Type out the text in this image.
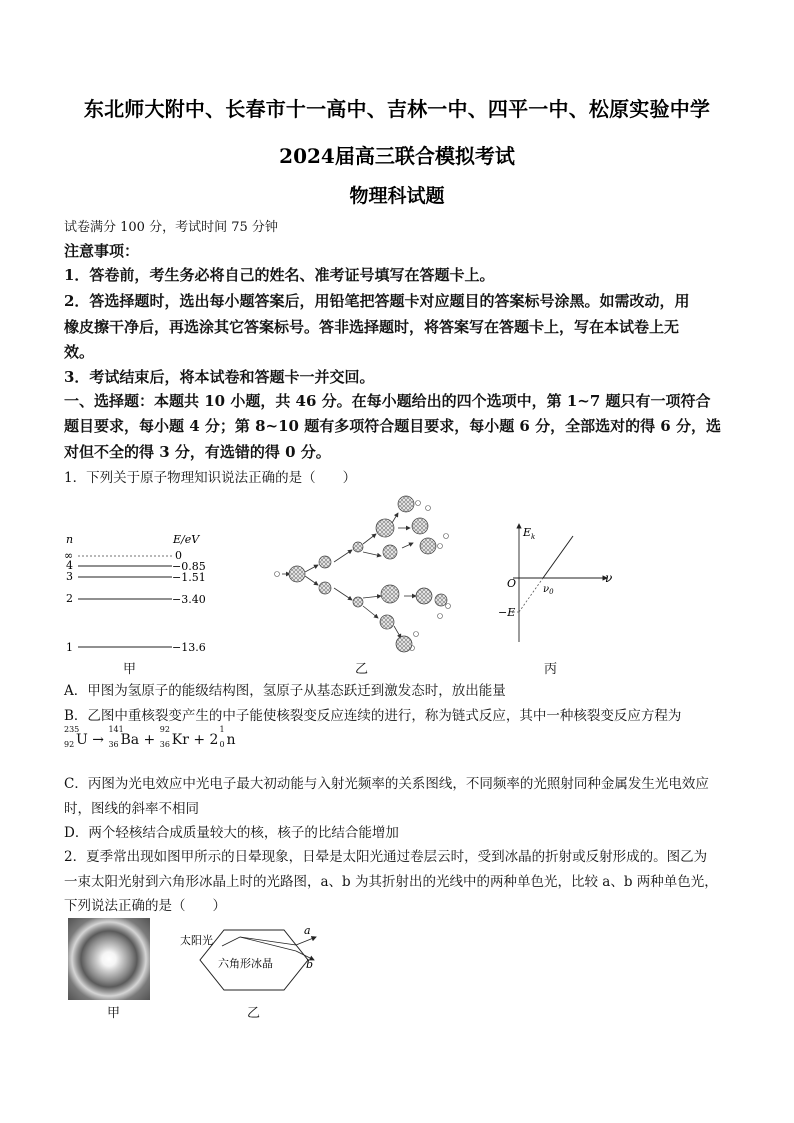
东北师大附中、长春市十一高中、吉林一中、四平一中、松原实验中学
2024届高三联合模拟考试
物理科试题
试卷满分 100 分，考试时间 75 分钟
注意事项：
1．答卷前，考生务必将自己的姓名、准考证号填写在答题卡上。
2．答选择题时，选出每小题答案后，用铅笔把答题卡对应题目的答案标号涂黑。如需改动，用
橡皮擦干净后，再选涂其它答案标号。答非选择题时，将答案写在答题卡上，写在本试卷上无
效。
3．考试结束后，将本试卷和答题卡一并交回。
一、选择题：本题共 10 小题，共 46 分。在每小题给出的四个选项中，第 1~7 题只有一项符合
题目要求，每小题 4 分；第 8~10 题有多项符合题目要求，每小题 6 分，全部选对的得 6 分，选
对但不全的得 3 分，有选错的得 0 分。
1．下列关于原子物理知识说法正确的是（　　）
n	E/eV
∞
4
3
2
1
0
−0.85
−1.51
−3.40
−13.6
甲	乙
$E_k$
O	ν
$\nu_0$
−E
丙
A．甲图为氢原子的能级结构图，氢原子从基态跃迁到激发态时，放出能量
B．乙图中重核裂变产生的中子能使核裂变反应连续的进行，称为链式反应，其中一种核裂变反应方程为
235
92 U →
141
36 Ba +
92
36 Kr + 2
1
0 n
C．丙图为光电效应中光电子最大初动能与入射光频率的关系图线，不同频率的光照射同种金属发生光电效应
时，图线的斜率不相同
D．两个轻核结合成质量较大的核，核子的比结合能增加
2．夏季常出现如图甲所示的日晕现象，日晕是太阳光通过卷层云时，受到冰晶的折射或反射形成的。图乙为
一束太阳光射到六角形冰晶上时的光路图，a、b 为其折射出的光线中的两种单色光，比较 a、b 两种单色光，
下列说法正确的是（　　）
甲
太阳光
a
b
六角形冰晶
乙
